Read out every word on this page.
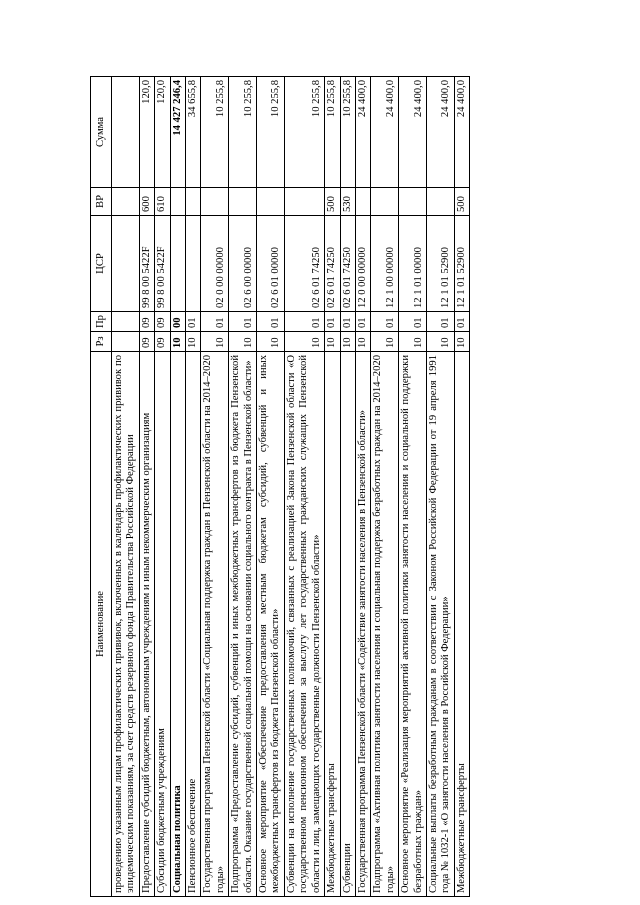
Наименование	Рз	Пр	ЦСР	ВР	Сумма
проведению указанным лицам профилактических прививок, включенных в календарь профилактических прививок по эпидемическим показаниям, за счет средств резервного фонда Правительства Российской Федерации					
Предоставление субсидий бюджетным, автономным учреждениям и иным некоммерческим организациям	09	09	99 8 00 5422F	600	120,0
Субсидии бюджетным учреждениям	09	09	99 8 00 5422F	610	120,0
Социальная политика	10	00			14 427 246,4
Пенсионное обеспечение	10	01			34 655,8
Государственная программа Пензенской области «Социальная поддержка граждан в Пензенской области на 2014–2020 годы»	10	01	02 0 00 00000		10 255,8
Подпрограмма «Предоставление субсидий, субвенций и иных межбюджетных трансфертов из бюджета Пензенской области. Оказание государственной социальной помощи на основании социального контракта в Пензенской области»	10	01	02 6 00 00000		10 255,8
Основное мероприятие «Обеспечение предоставления местным бюджетам субсидий, субвенций и иных межбюджетных трансфертов из бюджета Пензенской области»	10	01	02 6 01 00000		10 255,8
Субвенции на исполнение государственных полномочий, связанных с реализацией Закона Пензенской области «О государственном пенсионном обеспечении за выслугу лет государственных гражданских служащих Пензенской области и лиц, замещающих государственные должности Пензенской области»	10	01	02 6 01 74250		10 255,8
Межбюджетные трансферты	10	01	02 6 01 74250	500	10 255,8
Субвенции	10	01	02 6 01 74250	530	10 255,8
Государственная программа Пензенской области «Содействие занятости населения в Пензенской области»	10	01	12 0 00 00000		24 400,0
Подпрограмма «Активная политика занятости населения и социальная поддержка безработных граждан на 2014–2020 годы»	10	01	12 1 00 00000		24 400,0
Основное мероприятие «Реализация мероприятий активной политики занятости населения и социальной поддержки безработных граждан»	10	01	12 1 01 00000		24 400,0
Социальные выплаты безработным гражданам в соответствии с Законом Российской Федерации от 19 апреля 1991 года № 1032-1 «О занятости населения в Российской Федерации»	10	01	12 1 01 52900		24 400,0
Межбюджетные трансферты	10	01	12 1 01 52900	500	24 400,0
